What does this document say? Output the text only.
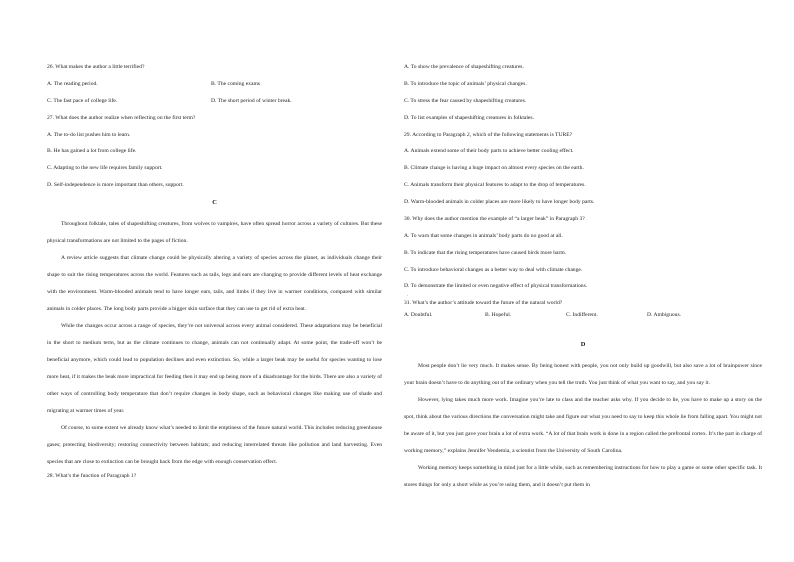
26. What makes the author a little terrified?

A. The reading period.	B. The coming exams

C. The fast pace of college life.	D. The short period of winter break.

27. What does the author realize when reflecting on the first term?

A. The to-do list pushes him to learn.

B. He has gained a lot from college life.

C. Adapting to the new life requires family support.

D. Self-independence is more important than others, support.

C

Throughout folktale, tales of shapeshifting creatures, from wolves to vampires, have often spread horror across a variety of cultures. But these physical transformations are not limited to the pages of fiction.

A review article suggests that climate change could be physically altering a variety of species across the planet, as individuals change their shape to suit the rising temperatures across the world. Features such as tails, legs and ears are changing to provide different levels of heat exchange with the environment. Warm-blooded animals tend to have longer ears, tails, and limbs if they live in warmer conditions, compared with similar animals in colder places. The long body parts provide a bigger skin surface that they can use to get rid of extra heat.

While the changes occur across a range of species, they’re not universal across every animal considered. These adaptations may be beneficial in the short to medium term, but as the climate continues to change, animals can not continually adapt. At some point, the trade-off won’t be beneficial anymore, which could lead to population declines and even extinction. So, while a larger beak may be useful for species wanting to lose more heat, if it makes the beak more impractical for feeding then it may end up being more of a disadvantage for the birds. There are also a variety of other ways of controlling body temperature that don’t require changes in body shape, such as behavioral changes like making use of shade and migrating at warmer times of year.

Of course, to some extent we already know what’s needed to limit the emptiness of the future natural world. This includes reducing greenhouse gases; protecting biodiversity; restoring connectivity between habitats; and reducing interrelated threats like pollution and land harvesting. Even species that are close to extinction can be brought back from the edge with enough conservation effect.

28. What’s the function of Paragraph 1?

A. To show the prevalence of shapeshifting creatures.

B. To introduce the topic of animals’ physical changes.

C. To stress the fear caused by shapeshifting creatures.

D. To list examples of shapeshifting creatures in folktales.

29. According to Paragraph 2, which of the following statements is TURE?

A. Animals extend some of their body parts to achieve better cooling effect.

B. Climate change is having a huge impact on almost every species on the earth.

C. Animals transform their physical features to adapt to the drop of temperatures.

D. Warm-blooded animals in colder places are more likely to have longer body parts.

30. Why does the author mention the example of “a larger beak” in Paragraph 3?

A. To warn that some changes in animals’ body parts do no good at all.

B. To indicate that the rising temperatures have caused birds more harm.

C. To introduce behavioral changes as a better way to deal with climate change.

D. To demonstrate the limited or even negative effect of physical transformations.

'

31. What’s the author’s attitude toward the future of the natural world?

A. Doubtful.	B. Hopeful.	C. Indifferent.	D. Ambiguous.

D

Most people don’t lie very much. It makes sense. By being honest with people, you not only build up goodwill, but also save a lot of brainpower since your brain doesn’t have to do anything out of the ordinary when you tell the truth. You just think of what you want to say, and you say it.

However, lying takes much more work. Imagine you’re late to class and the teacher asks why. If you decide to lie, you have to make up a story on the spot, think about the various directions the conversation might take and figure out what you need to say to keep this whole lie from falling apart. You might not be aware of it, but you just gave your brain a lot of extra work. “A lot of that brain work is done in a region called the prefrontal cortex. It’s the part in charge of working memory,” explains Jennifer Vendemia, a scientist from the University of South Carolina.

Working memory keeps something in mind just for a little while, such as remembering instructions for how to play a game or some other specific task. It stores things for only a short while as you’re using them, and it doesn’t put them in
